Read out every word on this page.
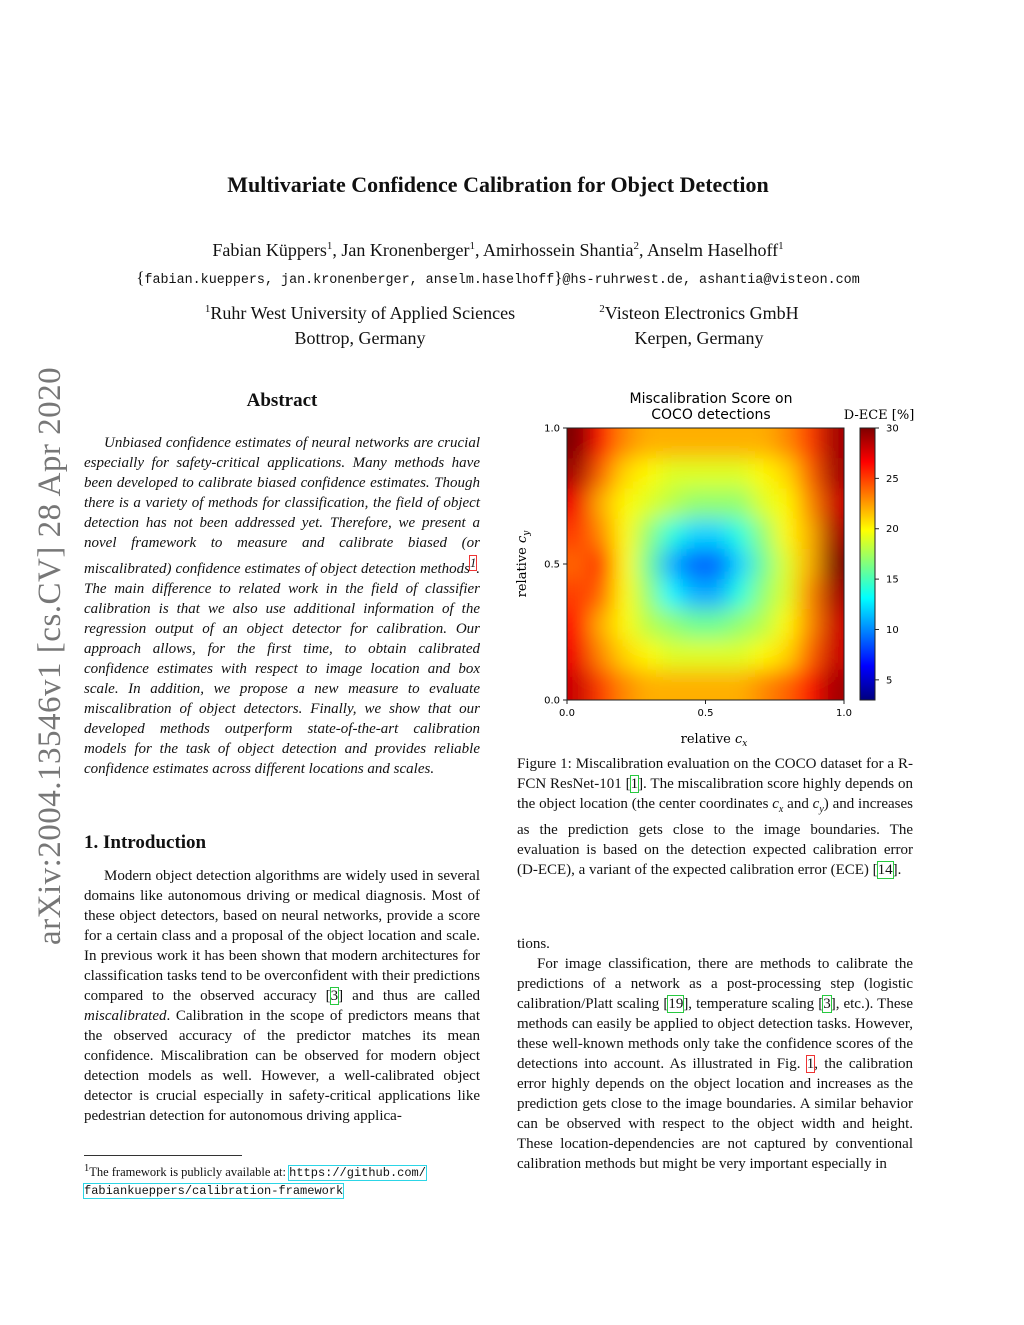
Multivariate Confidence Calibration for Object Detection
Fabian Küppers$^1$, Jan Kronenberger$^1$, Amirhossein Shantia$^2$, Anselm Haselhoff$^1$
{fabian.kueppers, jan.kronenberger, anselm.haselhoff}@hs-ruhrwest.de, ashantia@visteon.com
$^1$Ruhr West University of Applied Sciences
Bottrop, Germany
$^2$Visteon Electronics GmbH
Kerpen, Germany
arXiv:2004.13546v1 [cs.CV] 28 Apr 2020	Abstract
Unbiased confidence estimates of neural networks are crucial especially for safety-critical applications. Many methods have been developed to calibrate biased confidence estimates. Though there is a variety of methods for classification, the field of object detection has not been addressed yet. Therefore, we present a novel framework to measure and calibrate biased (or miscalibrated) confidence estimates of object detection methods$^1$. The main difference to related work in the field of classifier calibration is that we also use additional information of the regression output of an object detector for calibration. Our approach allows, for the first time, to obtain calibrated confidence estimates with respect to image location and box scale. In addition, we propose a new measure to evaluate miscalibration of object detectors. Finally, we show that our developed methods outperform state-of-the-art calibration models for the task of object detection and provides reliable confidence estimates across different locations and scales.
1. Introduction
Modern object detection algorithms are widely used in several domains like autonomous driving or medical diagnosis. Most of these object detectors, based on neural networks, provide a score for a certain class and a proposal of the object location and scale. In previous work it has been shown that modern architectures for classification tasks tend to be overconfident with their predictions compared to the observed accuracy [3] and thus are called miscalibrated. Calibration in the scope of predictors means that the observed accuracy of the predictor matches its mean confidence. Miscalibration can be observed for modern object detection models as well. However, a well-calibrated object detector is crucial especially in safety-critical applications like pedestrian detection for autonomous driving applica-
$^1$The framework is publicly available at: https://github.com/
fabiankueppers/calibration-framework
Miscalibration Score on
COCO detections
0.0	0.5	1.0
0.0
0.5
1.0
relative $c_x$
relative $c_y$
D-ECE [%]
5
10
15
20
25
30
Figure 1: Miscalibration evaluation on the COCO dataset for a R-FCN ResNet-101 [1]. The miscalibration score highly depends on the object location (the center coordinates $c_x$ and $c_y$) and increases as the prediction gets close to the image boundaries. The evaluation is based on the detection expected calibration error (D-ECE), a variant of the expected calibration error (ECE) [14].

tions.

For image classification, there are methods to calibrate the predictions of a network as a post-processing step (logistic calibration/Platt scaling [19], temperature scaling [3], etc.). These methods can easily be applied to object detection tasks. However, these well-known methods only take the confidence scores of the detections into account. As illustrated in Fig. 1, the calibration error highly depends on the object location and increases as the prediction gets close to the image boundaries. A similar behavior can be observed with respect to the object width and height. These location-dependencies are not captured by conventional calibration methods but might be very important especially in
